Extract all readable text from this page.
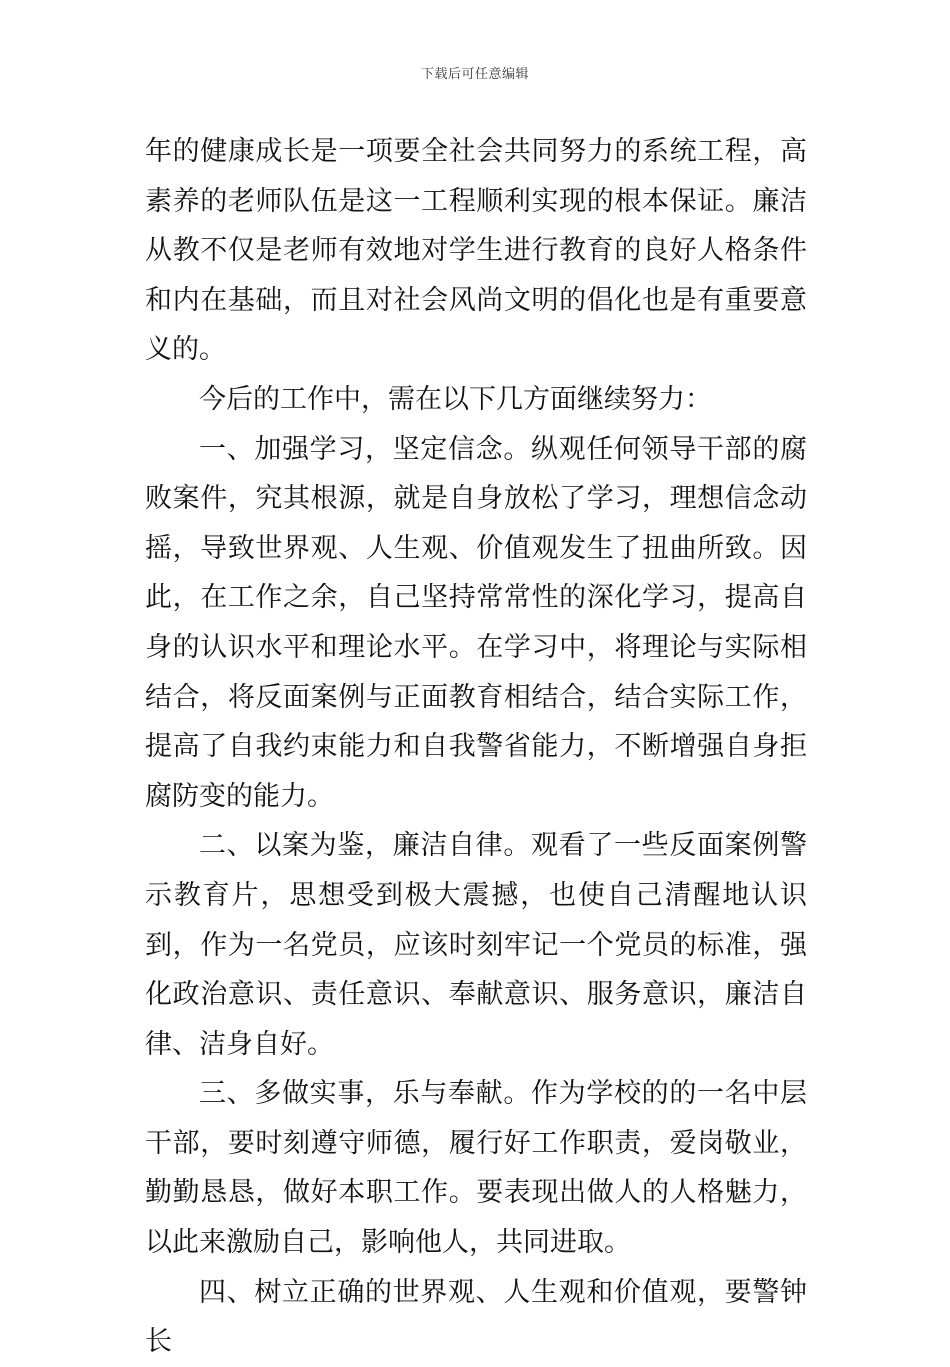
下载后可任意编辑

年的健康成长是一项要全社会共同努力的系统工程，高素养的老师队伍是这一工程顺利实现的根本保证。廉洁从教不仅是老师有效地对学生进行教育的良好人格条件和内在基础，而且对社会风尚文明的倡化也是有重要意义的。

今后的工作中，需在以下几方面继续努力：

一、加强学习，坚定信念。纵观任何领导干部的腐败案件，究其根源，就是自身放松了学习，理想信念动摇，导致世界观、人生观、价值观发生了扭曲所致。因此，在工作之余，自己坚持常常性的深化学习，提高自身的认识水平和理论水平。在学习中，将理论与实际相结合，将反面案例与正面教育相结合，结合实际工作，提高了自我约束能力和自我警省能力，不断增强自身拒腐防变的能力。

二、以案为鉴，廉洁自律。观看了一些反面案例警示教育片，思想受到极大震撼，也使自己清醒地认识到，作为一名党员，应该时刻牢记一个党员的标准，强化政治意识、责任意识、奉献意识、服务意识，廉洁自律、洁身自好。

三、多做实事，乐与奉献。作为学校的的一名中层干部，要时刻遵守师德，履行好工作职责，爱岗敬业，勤勤恳恳，做好本职工作。要表现出做人的人格魅力，以此来激励自己，影响他人，共同进取。

四、树立正确的世界观、人生观和价值观，要警钟长
